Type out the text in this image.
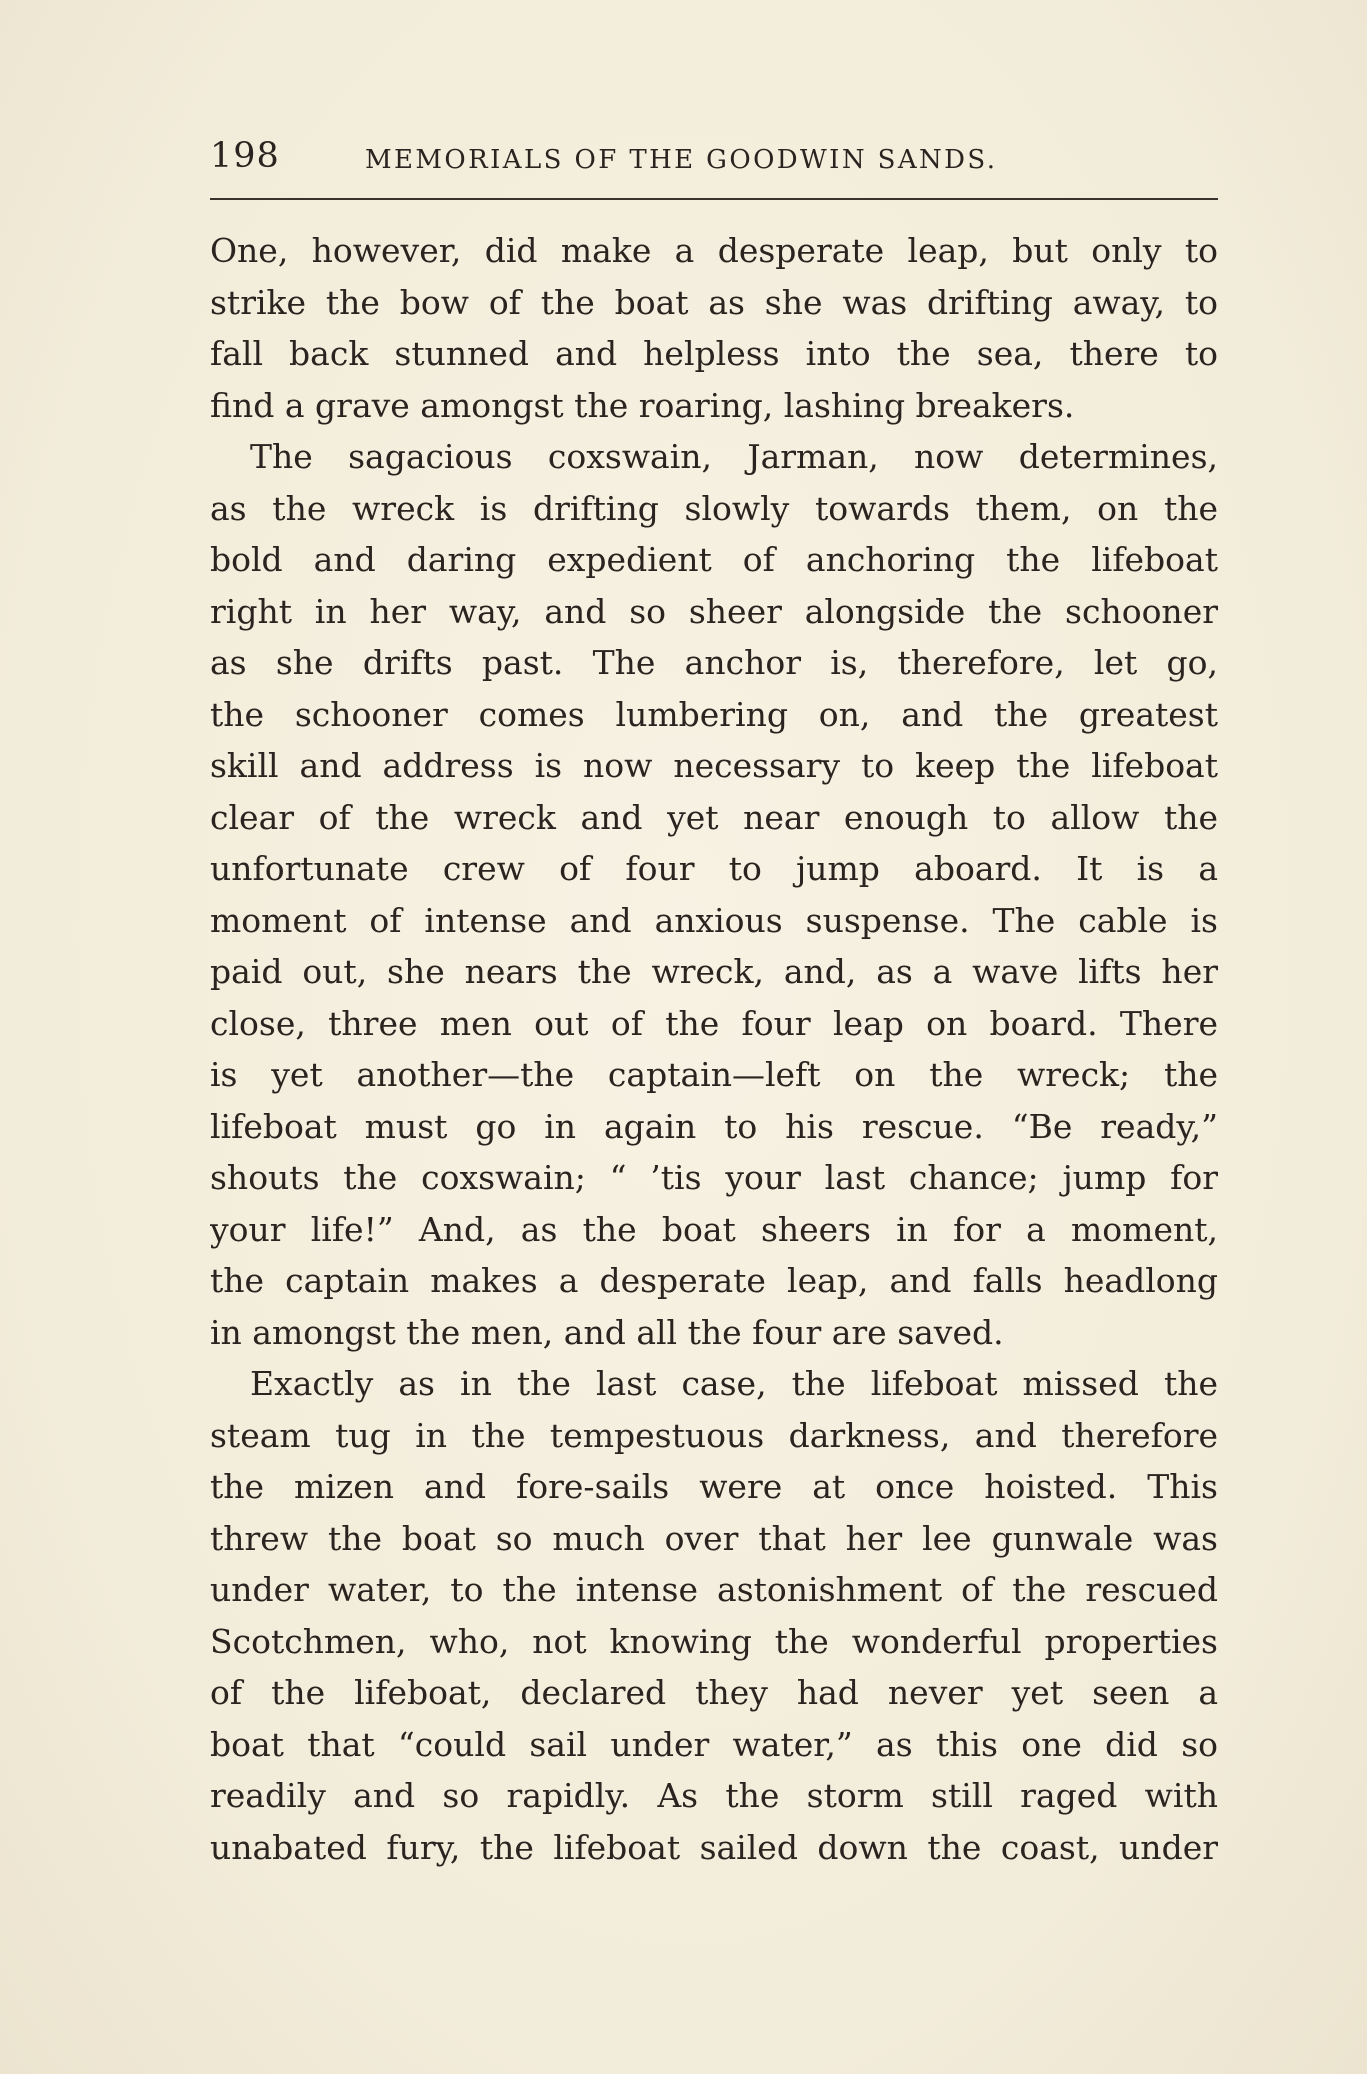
198	MEMORIALS OF THE GOODWIN SANDS.
One, however, did make a desperate leap, but only to
strike the bow of the boat as she was drifting away, to
fall back stunned and helpless into the sea, there to
find a grave amongst the roaring, lashing breakers.
The sagacious coxswain, Jarman, now determines,
as the wreck is drifting slowly towards them, on the
bold and daring expedient of anchoring the lifeboat
right in her way, and so sheer alongside the schooner
as she drifts past. The anchor is, therefore, let go,
the schooner comes lumbering on, and the greatest
skill and address is now necessary to keep the lifeboat
clear of the wreck and yet near enough to allow the
unfortunate crew of four to jump aboard. It is a
moment of intense and anxious suspense. The cable is
paid out, she nears the wreck, and, as a wave lifts her
close, three men out of the four leap on board. There
is yet another—the captain—left on the wreck; the
lifeboat must go in again to his rescue. “Be ready,”
shouts the coxswain; “ ’tis your last chance; jump for
your life!” And, as the boat sheers in for a moment,
the captain makes a desperate leap, and falls headlong
in amongst the men, and all the four are saved.
Exactly as in the last case, the lifeboat missed the
steam tug in the tempestuous darkness, and therefore
the mizen and fore-sails were at once hoisted. This
threw the boat so much over that her lee gunwale was
under water, to the intense astonishment of the rescued
Scotchmen, who, not knowing the wonderful properties
of the lifeboat, declared they had never yet seen a
boat that “could sail under water,” as this one did so
readily and so rapidly. As the storm still raged with
unabated fury, the lifeboat sailed down the coast, under
